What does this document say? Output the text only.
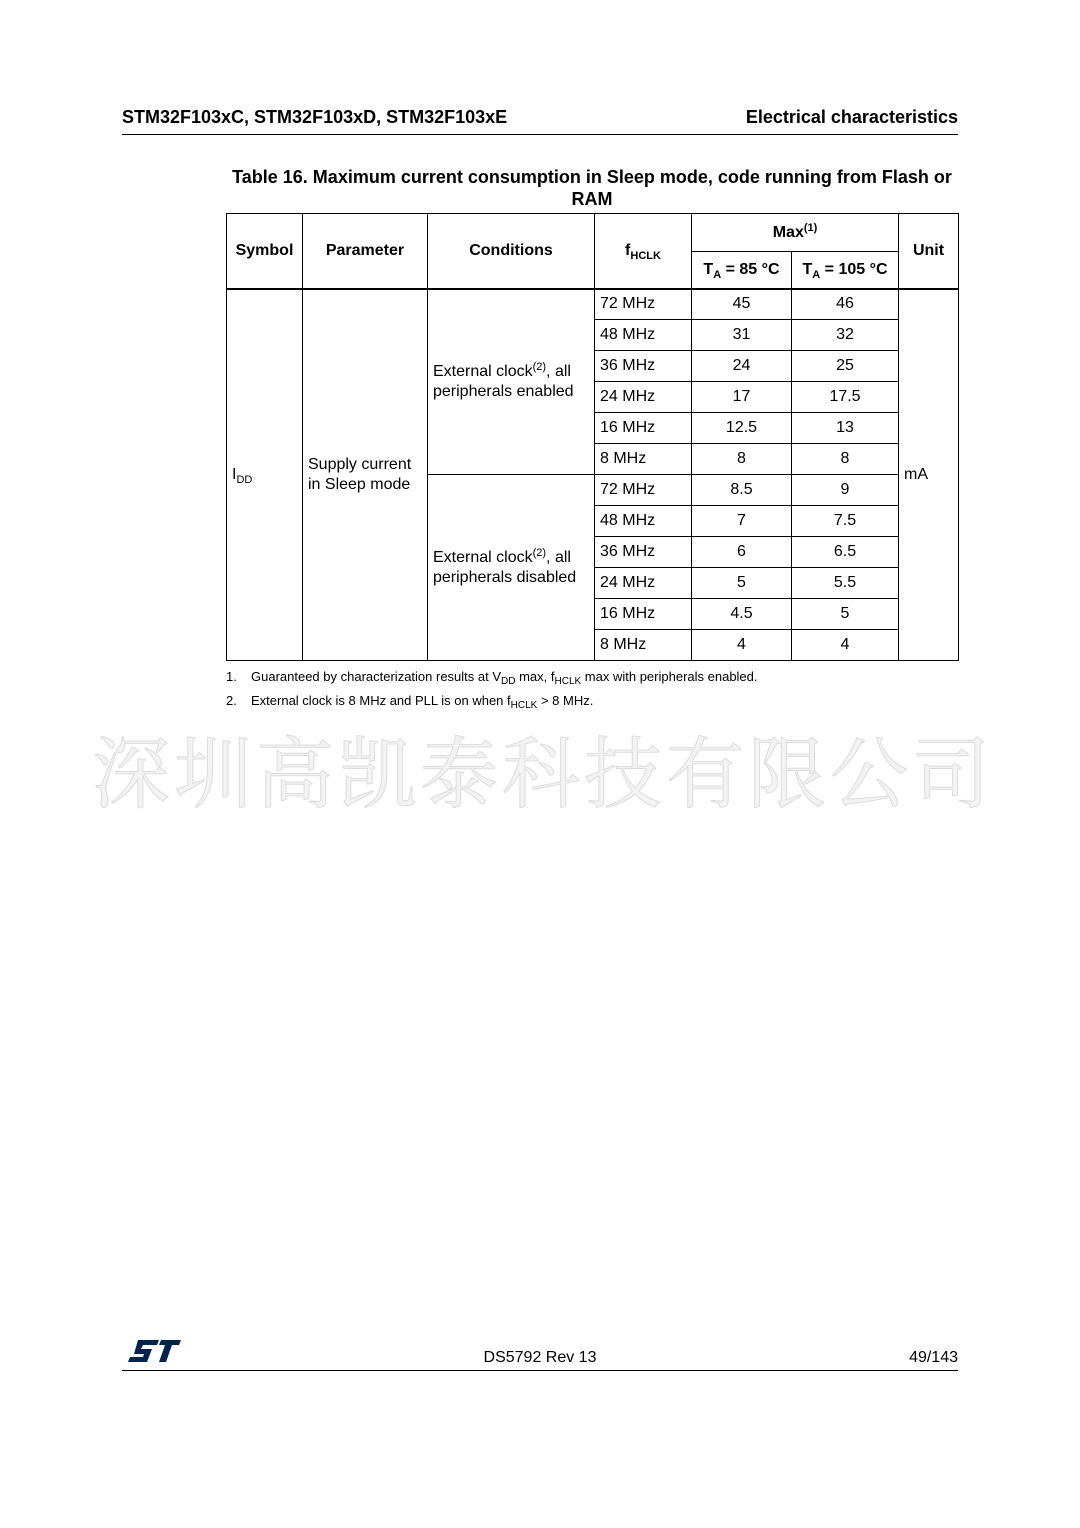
STM32F103xC, STM32F103xD, STM32F103xE	Electrical characteristics
Table 16. Maximum current consumption in Sleep mode, code running from Flash or RAM
Symbol	Parameter	Conditions	$f_{HCLK}$	Max$^{(1)}$		Unit
				$T_A = 85$ °C	$T_A = 105$ °C	
$I_{DD}$	Supply current in Sleep mode	External clock$^{(2)}$, all peripherals enabled	72 MHz	45	46	mA
			48 MHz	31	32	
			36 MHz	24	25	
			24 MHz	17	17.5	
			16 MHz	12.5	13	
			8 MHz	8	8	
		External clock$^{(2)}$, all peripherals disabled	72 MHz	8.5	9	
			48 MHz	7	7.5	
			36 MHz	6	6.5	
			24 MHz	5	5.5	
			16 MHz	4.5	5	
			8 MHz	4	4	
1.	Guaranteed by characterization results at $V_{DD}$ max, $f_{HCLK}$ max with peripherals enabled.
2.	External clock is 8 MHz and PLL is on when $f_{HCLK} > 8$ MHz.
深圳高凯泰科技有限公司
DS5792 Rev 13	49/143
